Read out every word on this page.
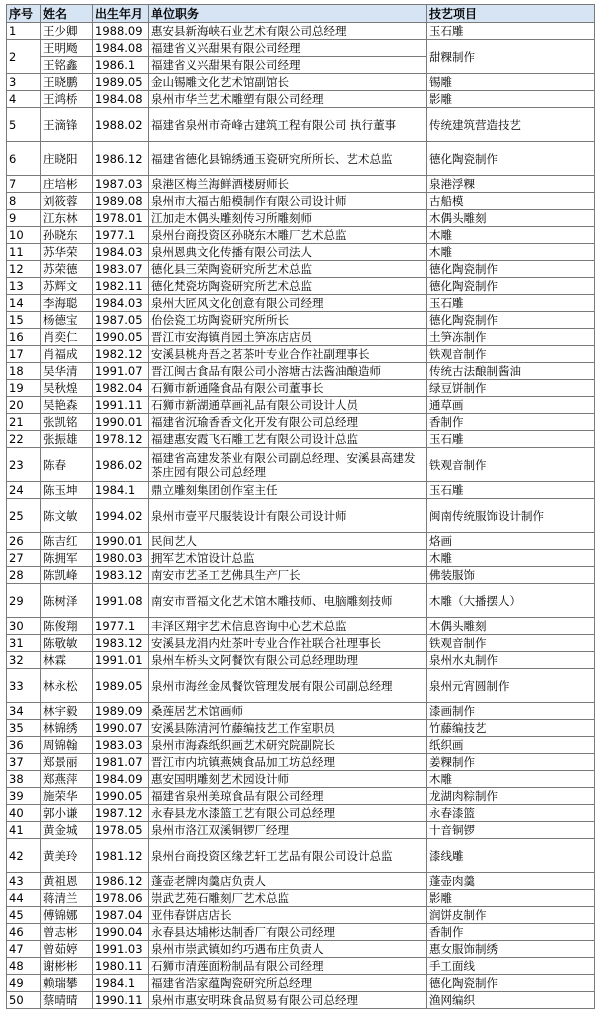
序号	姓名	出生年月	单位职务	技艺项目
1	王少卿	1988.09	惠安县新海峡石业艺术有限公司总经理	玉石雕
2	王明飏	1984.08	福建省义兴甜果有限公司经理	甜粿制作
	王铭鑫	1986.1	福建省义兴甜果有限公司经理	
3	王晓鹏	1989.05	金山锡雕文化艺术馆副馆长	锡雕
4	王鸿桥	1984.08	泉州市华兰艺术雕塑有限公司经理	影雕
5	王滴锋	1988.02	福建省泉州市奇峰古建筑工程有限公司 执行董事	传统建筑营造技艺
6	庄晓阳	1986.12	福建省德化县锦绣通玉瓷研究所所长、艺术总监	德化陶瓷制作
7	庄培彬	1987.03	泉港区梅兰海鲜酒楼厨师长	泉港浮粿
8	刘筱蓉	1989.08	泉州市大福古船模制作有限公司设计师	古船模
9	江东林	1978.01	江加走木偶头雕刻传习所雕刻师	木偶头雕刻
10	孙晓东	1977.1	泉州台商投资区孙晓东木雕厂艺术总监	木雕
11	苏华荣	1984.03	泉州恩典文化传播有限公司法人	木雕
12	苏荣德	1983.07	德化县三荣陶瓷研究所艺术总监	德化陶瓷制作
13	苏辉文	1982.11	德化梵瓷坊陶瓷研究所艺术总监	德化陶瓷制作
14	李海聪	1984.03	泉州大匠风文化创意有限公司经理	玉石雕
15	杨德宝	1987.05	佁侩瓷工坊陶瓷研究所所长	德化陶瓷制作
16	肖奕仁	1990.05	晋江市安海镇肖园土笋冻店店员	土笋冻制作
17	肖福成	1982.12	安溪县桃舟吾之茗茶叶专业合作社副理事长	铁观音制作
18	吴华清	1991.07	晋江闽古食品有限公司小溶塘古法酱油酿造师	传统古法酿制酱油
19	吴秋煌	1982.04	石狮市新通隆食品有限公司董事长	绿豆饼制作
20	吴艳森	1991.11	石狮市新湖通草画礼品有限公司设计人员	通草画
21	张凯铭	1990.01	福建省沉瑜香香文化开发有限公司总经理	香制作
22	张振雄	1978.12	福建惠安霞飞石雕工艺有限公司设计总监	玉石雕
23	陈春	1986.02	福建省高建发茶业有限公司副总经理、安溪县高建发茶庄园有限公司总经理	铁观音制作
24	陈玉坤	1984.1	鼎立雕刻集团创作室主任	玉石雕
25	陈文敏	1994.02	泉州市壹平尺服装设计有限公司设计师	闽南传统服饰设计制作
26	陈吉红	1990.01	民间艺人	烙画
27	陈拥军	1980.03	拥军艺术馆设计总监	木雕
28	陈凯峰	1983.12	南安市艺圣工艺佛具生产厂长	佛装服饰
29	陈树泽	1991.08	南安市晋福文化艺术馆木雕技师、电脑雕刻技师	木雕（大播摆人）
30	陈俊翔	1977.1	丰泽区翔宇艺术信息咨询中心艺术总监	木偶头雕刻
31	陈敬敏	1983.12	安溪县龙涓内灶茶叶专业合作社联合社理事长	铁观音制作
32	林霖	1991.01	泉州车桥头文阿餐饮有限公司总经理助理	泉州水丸制作
33	林永松	1989.05	泉州市海丝金凤餐饮管理发展有限公司副总经理	泉州元宵圆制作
34	林宇毅	1989.09	桑莲居艺术馆画师	漆画制作
35	林锦绣	1990.07	安溪县陈清河竹藤编技艺工作室职员	竹藤编技艺
36	周锦翰	1983.03	泉州市海森纸织画艺术研究院副院长	纸织画
37	郑景丽	1981.07	晋江市内坑镇燕姨食品加工坊总经理	姜粿制作
38	郑燕萍	1984.09	惠安国明雕刻艺术园设计师	木雕
39	施荣华	1990.05	福建省泉州美琼食品有限公司经理	龙湖肉粽制作
40	郭小谦	1987.12	永春县龙水漆篮工艺有限公司总经理	永春漆篮
41	黄金城	1978.05	泉州市洛江双溪铜锣厂经理	十音铜锣
42	黄美玲	1981.12	泉州台商投资区缘艺轩工艺品有限公司设计总监	漆线雕
43	黄祖恩	1986.12	蓬壶老牌肉羹店负责人	蓬壶肉羹
44	蒋清兰	1978.06	崇武艺苑石雕刻厂艺术总监	影雕
45	傅锦娜	1987.04	亚伟春饼店店长	润饼皮制作
46	曾志彬	1990.04	永春县达埔彬达制香厂有限公司经理	香制作
47	曾茹婷	1991.03	泉州市崇武镇如约巧遇布庄负责人	惠女服饰制绣
48	谢彬彬	1980.11	石狮市清莲面粉制品有限公司经理	手工面线
49	赖瑞攀	1984.1	福建省浩家蕴陶瓷研究所总经理	德化陶瓷制作
50	蔡晴晴	1990.11	泉州市惠安明珠食品贸易有限公司总经理	渔网编织
